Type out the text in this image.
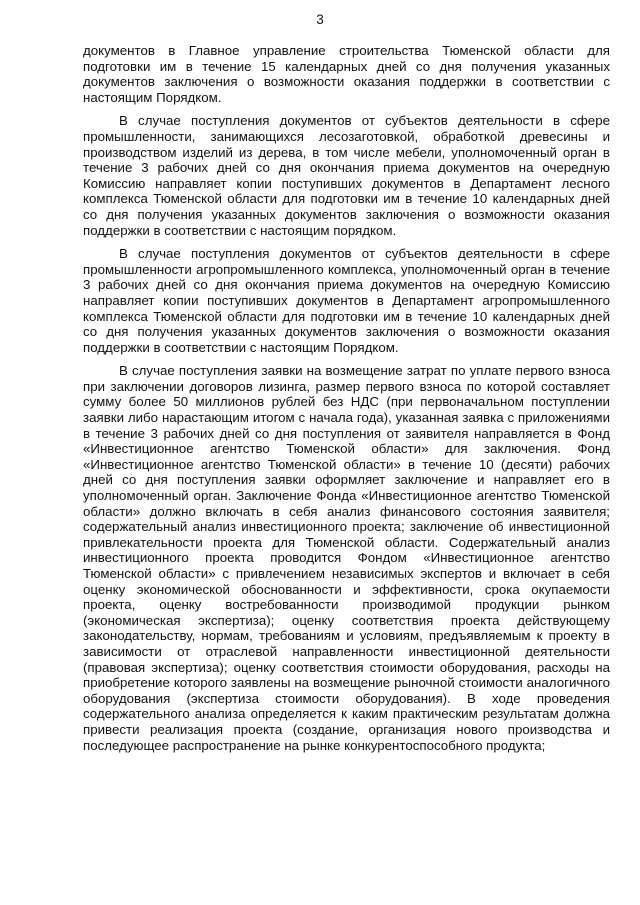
3

документов в Главное управление строительства Тюменской области для подготовки им в течение 15 календарных дней со дня получения указанных документов заключения о возможности оказания поддержки в соответствии с настоящим Порядком.

В случае поступления документов от субъектов деятельности в сфере промышленности, занимающихся лесозаготовкой, обработкой древесины и производством изделий из дерева, в том числе мебели, уполномоченный орган в течение 3 рабочих дней со дня окончания приема документов на очередную Комиссию направляет копии поступивших документов в Департамент лесного комплекса Тюменской области для подготовки им в течение 10 календарных дней со дня получения указанных документов заключения о возможности оказания поддержки в соответствии с настоящим порядком.

В случае поступления документов от субъектов деятельности в сфере промышленности агропромышленного комплекса, уполномоченный орган в течение 3 рабочих дней со дня окончания приема документов на очередную Комиссию направляет копии поступивших документов в Департамент агропромышленного комплекса Тюменской области для подготовки им в течение 10 календарных дней со дня получения указанных документов заключения о возможности оказания поддержки в соответствии с настоящим Порядком.

В случае поступления заявки на возмещение затрат по уплате первого взноса при заключении договоров лизинга, размер первого взноса по которой составляет сумму более 50 миллионов рублей без НДС (при первоначальном поступлении заявки либо нарастающим итогом с начала года), указанная заявка с приложениями в течение 3 рабочих дней со дня поступления от заявителя направляется в Фонд «Инвестиционное агентство Тюменской области» для заключения. Фонд «Инвестиционное агентство Тюменской области» в течение 10 (десяти) рабочих дней со дня поступления заявки оформляет заключение и направляет его в уполномоченный орган. Заключение Фонда «Инвестиционное агентство Тюменской области» должно включать в себя анализ финансового состояния заявителя; содержательный анализ инвестиционного проекта; заключение об инвестиционной привлекательности проекта для Тюменской области. Содержательный анализ инвестиционного проекта проводится Фондом «Инвестиционное агентство Тюменской области» с привлечением независимых экспертов и включает в себя оценку экономической обоснованности и эффективности, срока окупаемости проекта, оценку востребованности производимой продукции рынком (экономическая экспертиза); оценку соответствия проекта действующему законодательству, нормам, требованиям и условиям, предъявляемым к проекту в зависимости от отраслевой направленности инвестиционной деятельности (правовая экспертиза); оценку соответствия стоимости оборудования, расходы на приобретение которого заявлены на возмещение рыночной стоимости аналогичного оборудования (экспертиза стоимости оборудования). В ходе проведения содержательного анализа определяется к каким практическим результатам должна привести реализация проекта (создание, организация нового производства и последующее распространение на рынке конкурентоспособного продукта;
